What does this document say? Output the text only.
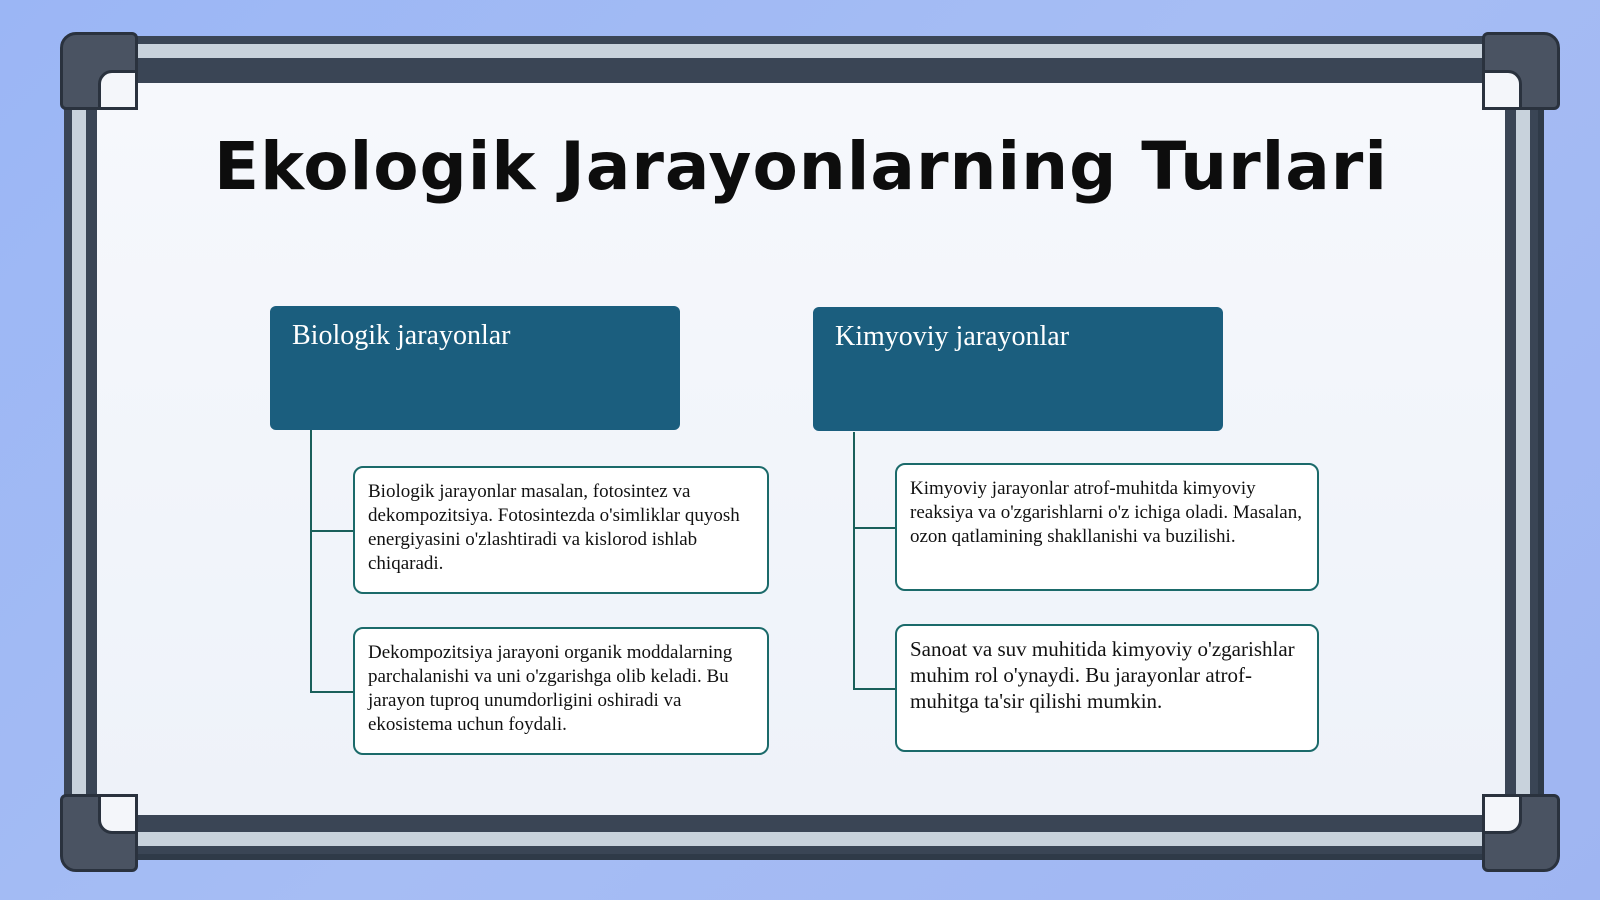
Ekologik Jarayonlarning Turlari
Biologik jarayonlar
Biologik jarayonlar masalan, fotosintez va dekompozitsiya. Fotosintezda o'simliklar quyosh energiyasini o'zlashtiradi va kislorod ishlab chiqaradi.
Dekompozitsiya jarayoni organik moddalarning parchalanishi va uni o'zgarishga olib keladi. Bu jarayon tuproq unumdorligini oshiradi va ekosistema uchun foydali.
Kimyoviy jarayonlar
Kimyoviy jarayonlar atrof-muhitda kimyoviy reaksiya va o'zgarishlarni o'z ichiga oladi. Masalan, ozon qatlamining shakllanishi va buzilishi.
Sanoat va suv muhitida kimyoviy o'zgarishlar muhim rol o'ynaydi. Bu jarayonlar atrof-muhitga ta'sir qilishi mumkin.
